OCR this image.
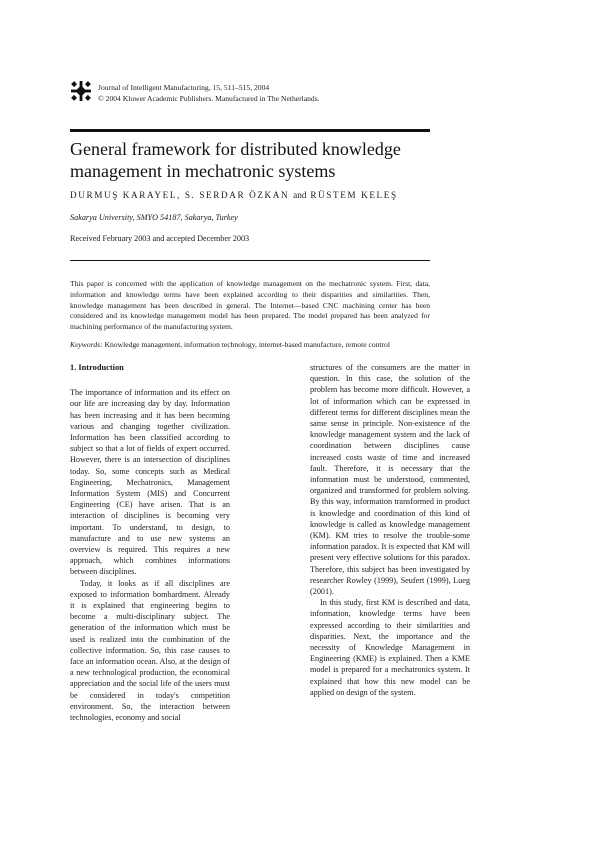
Journal of Intelligent Manufacturing, 15, 511–515, 2004
© 2004 Kluwer Academic Publishers. Manufactured in The Netherlands.
General framework for distributed knowledge management in mechatronic systems
DURMUŞ KARAYEL, S. SERDAR ÖZKAN and RÜSTEM KELEŞ
Sakarya University, SMYO 54187, Sakarya, Turkey
Received February 2003 and accepted December 2003

This paper is concerned with the application of knowledge management on the mechatronic system. First, data, information and knowledge terms have been explained according to their disparities and similarities. Then, knowledge management has been described in general. The Internet—based CNC machining center has been considered and its knowledge management model has been prepared. The model prepared has been analyzed for machining performance of the manufacturing system.

Keywords: Knowledge management, information technology, internet-based manufacture, remote control

1. Introduction

The importance of information and its effect on our life are increasing day by day. Information has been increasing and it has been becoming various and changing together civilization. Information has been classified according to subject so that a lot of fields of expert occurred. However, there is an intersection of disciplines today. So, some concepts such as Medical Engineering, Mechatronics, Management Information System (MIS) and Concurrent Engineering (CE) have arisen. That is an interaction of disciplines is becoming very important. To understand, to design, to manufacture and to use new systems an overview is required. This requires a new approach, which combines informations between disciplines.

Today, it looks as if all disciplines are exposed to information bombardment. Already it is explained that engineering begins to become a multi-disciplinary subject. The generation of the information which must be used is realized into the combination of the collective information. So, this case causes to face an information ocean. Also, at the design of a new technological production, the economical appreciation and the social life of the users must be considered in today's competition environment. So, the interaction between technologies, economy and social

structures of the consumers are the matter in question. In this case, the solution of the problem has become more difficult. However, a lot of information which can be expressed in different terms for different disciplines mean the same sense in principle. Non-existence of the knowledge management system and the lack of coordination between disciplines cause increased costs waste of time and increased fault. Therefore, it is necessary that the information must be understood, commented, organized and transformed for problem solving. By this way, information transformed in product is knowledge and coordination of this kind of knowledge is called as knowledge management (KM). KM tries to resolve the trouble-some information paradox. It is expected that KM will present very effective solutions for this paradox. Therefore, this subject has been investigated by researcher Rowley (1999), Seufert (1999), Lueg (2001).

In this study, first KM is described and data, information, knowledge terms have been expressed according to their similarities and disparities. Next, the importance and the necessity of Knowledge Management in Engineering (KME) is explained. Then a KME model is prepared for a mechatronics system. It explained that how this new model can be applied on design of the system.
